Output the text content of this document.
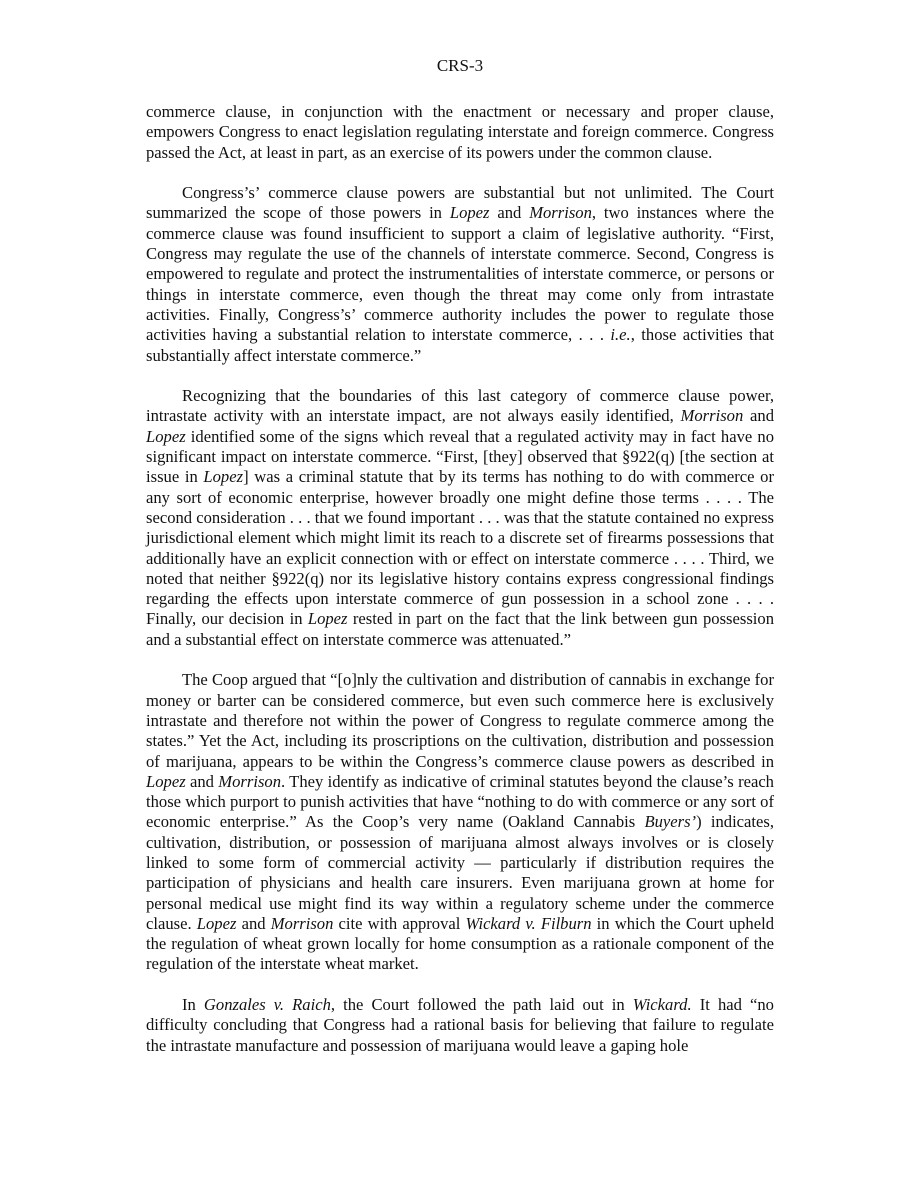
CRS-3

commerce clause, in conjunction with the enactment or necessary and proper clause, empowers Congress to enact legislation regulating interstate and foreign commerce. Congress passed the Act, at least in part, as an exercise of its powers under the common clause.

Congress’s’ commerce clause powers are substantial but not unlimited. The Court summarized the scope of those powers in Lopez and Morrison, two instances where the commerce clause was found insufficient to support a claim of legislative authority. “First, Congress may regulate the use of the channels of interstate commerce. Second, Congress is empowered to regulate and protect the instrumentalities of interstate commerce, or persons or things in interstate commerce, even though the threat may come only from intrastate activities. Finally, Congress’s’ commerce authority includes the power to regulate those activities having a substantial relation to interstate commerce, . . . i.e., those activities that substantially affect interstate commerce.”

Recognizing that the boundaries of this last category of commerce clause power, intrastate activity with an interstate impact, are not always easily identified, Morrison and Lopez identified some of the signs which reveal that a regulated activity may in fact have no significant impact on interstate commerce. “First, [they] observed that §922(q) [the section at issue in Lopez] was a criminal statute that by its terms has nothing to do with commerce or any sort of economic enterprise, however broadly one might define those terms . . . . The second consideration . . . that we found important . . . was that the statute contained no express jurisdictional element which might limit its reach to a discrete set of firearms possessions that additionally have an explicit connection with or effect on interstate commerce . . . . Third, we noted that neither §922(q) nor its legislative history contains express congressional findings regarding the effects upon interstate commerce of gun possession in a school zone . . . . Finally, our decision in Lopez rested in part on the fact that the link between gun possession and a substantial effect on interstate commerce was attenuated.”

The Coop argued that “[o]nly the cultivation and distribution of cannabis in exchange for money or barter can be considered commerce, but even such commerce here is exclusively intrastate and therefore not within the power of Congress to regulate commerce among the states.” Yet the Act, including its proscriptions on the cultivation, distribution and possession of marijuana, appears to be within the Congress’s commerce clause powers as described in Lopez and Morrison. They identify as indicative of criminal statutes beyond the clause’s reach those which purport to punish activities that have “nothing to do with commerce or any sort of economic enterprise.” As the Coop’s very name (Oakland Cannabis Buyers’) indicates, cultivation, distribution, or possession of marijuana almost always involves or is closely linked to some form of commercial activity — particularly if distribution requires the participation of physicians and health care insurers. Even marijuana grown at home for personal medical use might find its way within a regulatory scheme under the commerce clause. Lopez and Morrison cite with approval Wickard v. Filburn in which the Court upheld the regulation of wheat grown locally for home consumption as a rationale component of the regulation of the interstate wheat market.

In Gonzales v. Raich, the Court followed the path laid out in Wickard. It had “no difficulty concluding that Congress had a rational basis for believing that failure to regulate the intrastate manufacture and possession of marijuana would leave a gaping hole
